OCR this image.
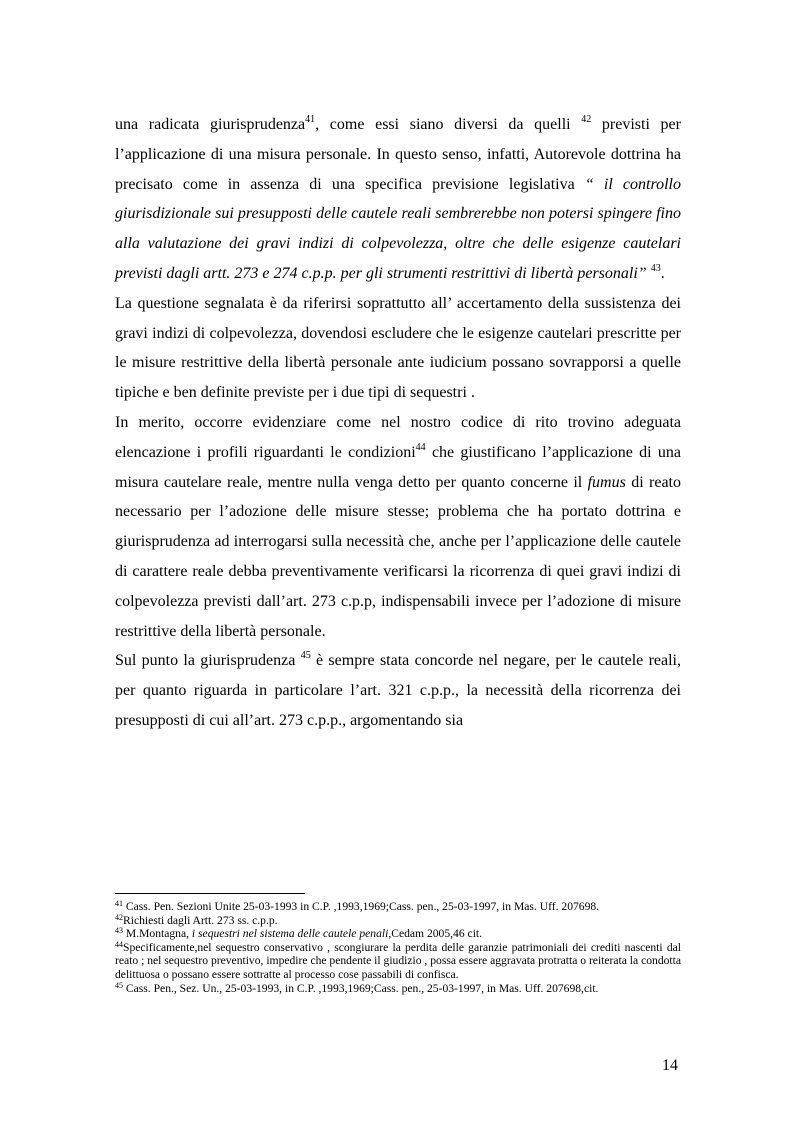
una radicata giurisprudenza$^{41}$, come essi siano diversi da quelli $^{42}$ previsti per l’applicazione di una misura personale. In questo senso, infatti, Autorevole dottrina ha precisato come in assenza di una specifica previsione legislativa “ il controllo giurisdizionale sui presupposti delle cautele reali sembrerebbe non potersi spingere fino alla valutazione dei gravi indizi di colpevolezza, oltre che delle esigenze cautelari previsti dagli artt. 273 e 274 c.p.p. per gli strumenti restrittivi di libertà personali” $^{43}$.

La questione segnalata è da riferirsi soprattutto all’ accertamento della sussistenza dei gravi indizi di colpevolezza, dovendosi escludere che le esigenze cautelari prescritte per le misure restrittive della libertà personale ante iudicium possano sovrapporsi a quelle tipiche e ben definite previste per i due tipi di sequestri .

In merito, occorre evidenziare come nel nostro codice di rito trovino adeguata elencazione i profili riguardanti le condizioni$^{44}$ che giustificano l’applicazione di una misura cautelare reale, mentre nulla venga detto per quanto concerne il fumus di reato necessario per l’adozione delle misure stesse; problema che ha portato dottrina e giurisprudenza ad interrogarsi sulla necessità che, anche per l’applicazione delle cautele di carattere reale debba preventivamente verificarsi la ricorrenza di quei gravi indizi di colpevolezza previsti dall’art. 273 c.p.p, indispensabili invece per l’adozione di misure restrittive della libertà personale.

Sul punto la giurisprudenza $^{45}$ è sempre stata concorde nel negare, per le cautele reali, per quanto riguarda in particolare l’art. 321 c.p.p., la necessità della ricorrenza dei presupposti di cui all’art. 273 c.p.p., argomentando sia

$^{41}$ Cass. Pen. Sezioni Unite 25-03-1993 in C.P. ,1993,1969;Cass. pen., 25-03-1997, in Mas. Uff. 207698.

$^{42}$Richiesti dagli Artt. 273 ss. c.p.p.

$^{43}$ M.Montagna, i sequestri nel sistema delle cautele penali,Cedam 2005,46 cit.

$^{44}$Specificamente,nel sequestro conservativo , scongiurare la perdita delle garanzie patrimoniali dei crediti nascenti dal reato ; nel sequestro preventivo, impedire che pendente il giudizio , possa essere aggravata protratta o reiterata la condotta delittuosa o possano essere sottratte al processo cose passabili di confisca.

$^{45}$ Cass. Pen., Sez. Un., 25-03-1993, in C.P. ,1993,1969;Cass. pen., 25-03-1997, in Mas. Uff. 207698,cit.

14
